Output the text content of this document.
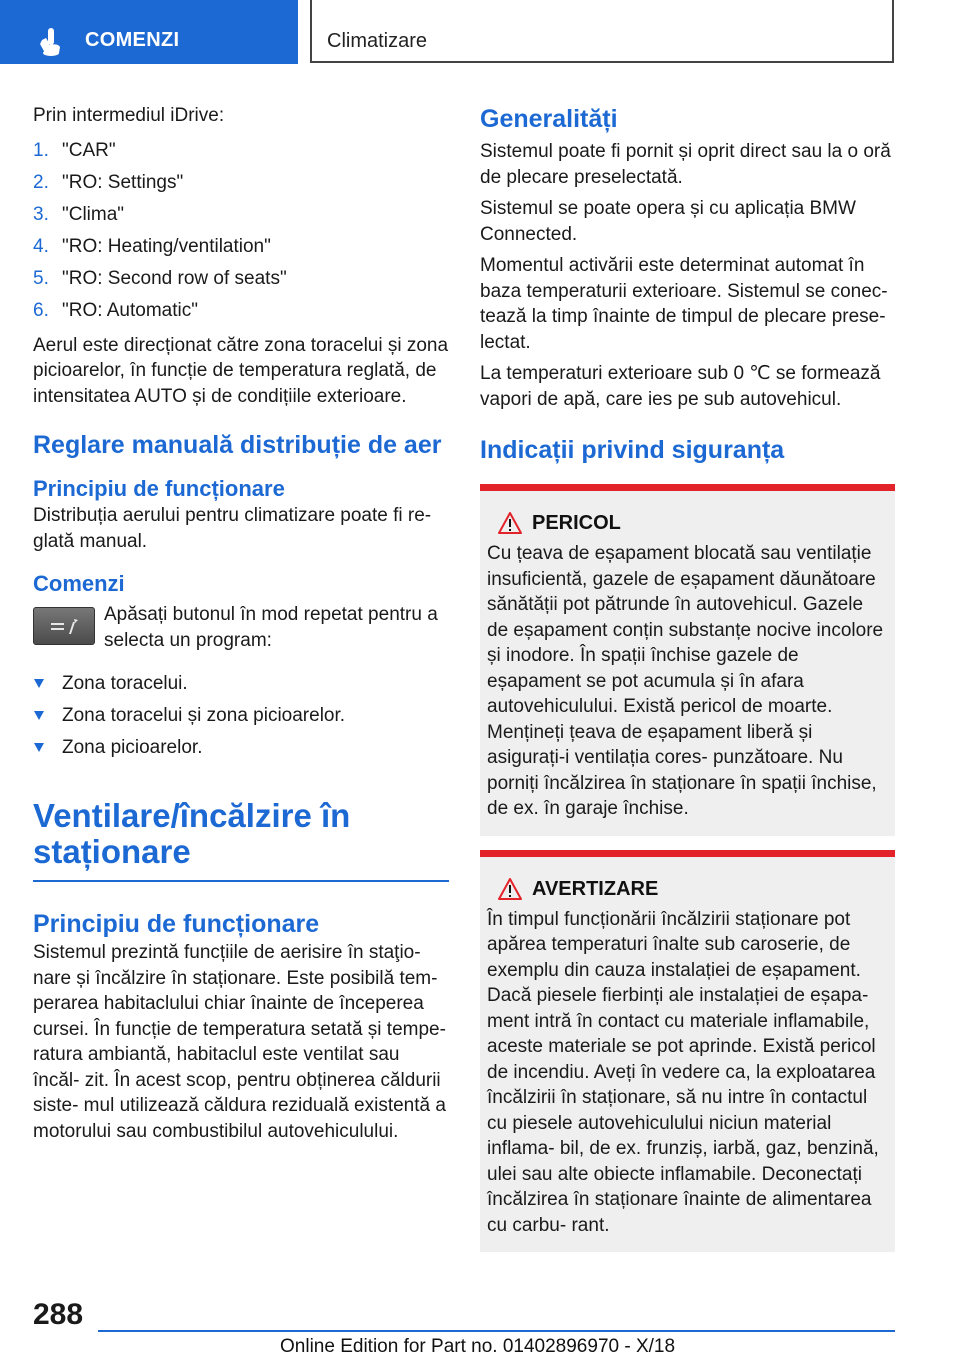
COMENZI	Climatizare

Prin intermediul iDrive:

1. "CAR"
2. "RO: Settings"
3. "Clima"
4. "RO: Heating/ventilation"
5. "RO: Second row of seats"
6. "RO: Automatic"

Aerul este direcționat către zona toracelui și zona picioarelor, în funcție de temperatura reglată, de intensitatea AUTO și de condițiile exterioare.

Reglare manuală distribuție de aer
Principiu de funcționare

Distribuția aerului pentru climatizare poate fi re- glată manual.

Comenzi

Apăsați butonul în mod repetat pentru a selecta un program:

Zona toracelui.
Zona toracelui și zona picioarelor.
Zona picioarelor.
Ventilare/încălzire în staționare
Principiu de funcționare

Sistemul prezintă funcțiile de aerisire în staţio- nare și încălzire în staționare. Este posibilă tem- perarea habitaclului chiar înainte de începerea cursei. În funcție de temperatura setată și tempe- ratura ambiantă, habitaclul este ventilat sau încăl- zit. În acest scop, pentru obținerea căldurii siste- mul utilizează căldura reziduală existentă a motorului sau combustibilul autovehiculului.

Generalități

Sistemul poate fi pornit și oprit direct sau la o oră de plecare preselectată.

Sistemul se poate opera și cu aplicația BMW Connected.

Momentul activării este determinat automat în baza temperaturii exterioare. Sistemul se conec- tează la timp înainte de timpul de plecare prese- lectat.

La temperaturi exterioare sub 0 ℃ se formează vapori de apă, care ies pe sub autovehicul.

Indicații privind siguranța
PERICOL

Cu țeava de eșapament blocată sau ventilație insuficientă, gazele de eșapament dăunătoare sănătății pot pătrunde în autovehicul. Gazele de eșapament conțin substanțe nocive incolore și inodore. În spații închise gazele de eșapament se pot acumula și în afara autovehiculului. Există pericol de moarte. Mențineți țeava de eșapament liberă și asigurați-i ventilația cores- punzătoare. Nu porniți încălzirea în staționare în spații închise, de ex. în garaje închise.

AVERTIZARE

În timpul funcționării încălzirii staționare pot apărea temperaturi înalte sub caroserie, de exemplu din cauza instalației de eșapament. Dacă piesele fierbinți ale instalației de eșapa- ment intră în contact cu materiale inflamabile, aceste materiale se pot aprinde. Există pericol de incendiu. Aveți în vedere ca, la exploatarea încălzirii în staționare, să nu intre în contactul cu piesele autovehiculului niciun material inflama- bil, de ex. frunziș, iarbă, gaz, benzină, ulei sau alte obiecte inflamabile. Deconectați încălzirea în staționare înainte de alimentarea cu carbu- rant.

288
Online Edition for Part no. 01402896970 - X/18
